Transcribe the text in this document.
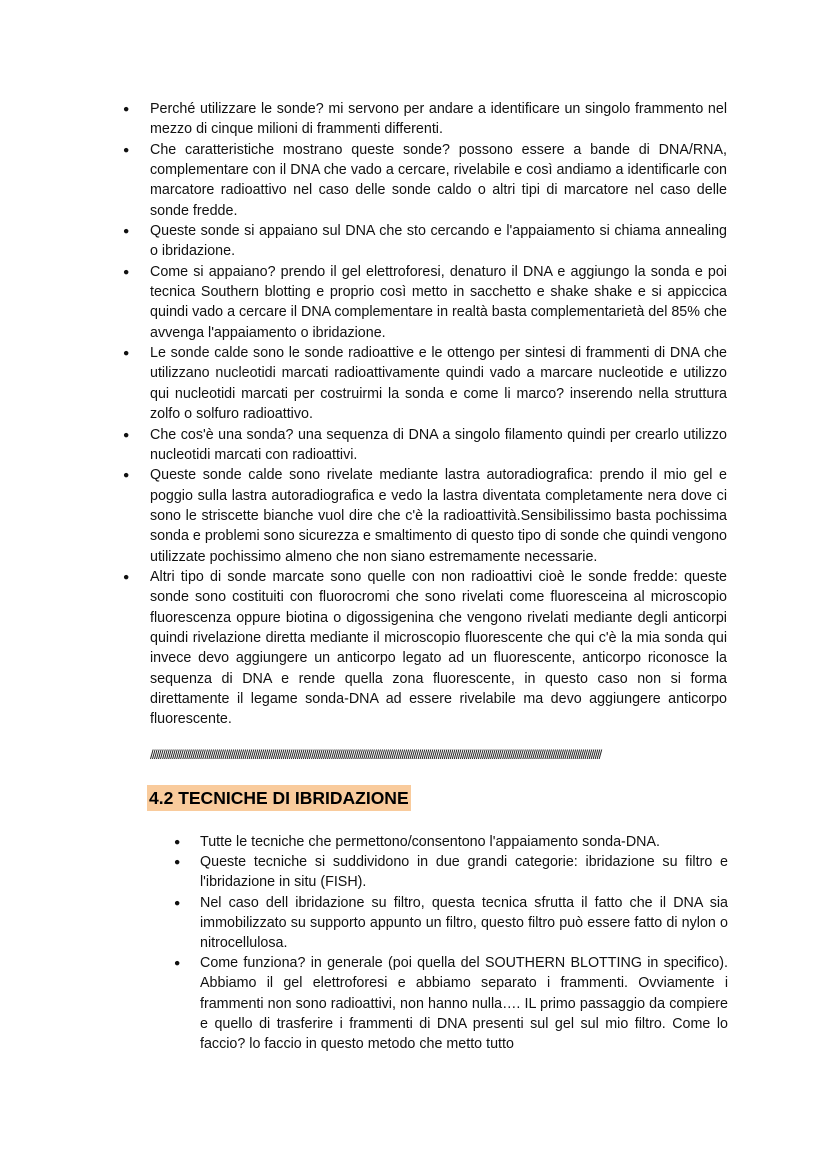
● Perché utilizzare le sonde? mi servono per andare a identificare un singolo frammento nel mezzo di cinque milioni di frammenti differenti.
● Che caratteristiche mostrano queste sonde? possono essere a bande di DNA/RNA, complementare con il DNA che vado a cercare, rivelabile e così andiamo a identificarle con marcatore radioattivo nel caso delle sonde caldo o altri tipi di marcatore nel caso delle sonde fredde.
● Queste sonde si appaiano sul DNA che sto cercando e l'appaiamento si chiama annealing o ibridazione.
● Come si appaiano? prendo il gel elettroforesi, denaturo il DNA e aggiungo la sonda e poi tecnica Southern blotting e proprio così metto in sacchetto e shake shake e si appiccica quindi vado a cercare il DNA complementare in realtà basta complementarietà del 85% che avvenga l'appaiamento o ibridazione.
● Le sonde calde sono le sonde radioattive e le ottengo per sintesi di frammenti di DNA che utilizzano nucleotidi marcati radioattivamente quindi vado a marcare nucleotide e utilizzo qui nucleotidi marcati per costruirmi la sonda e come li marco? inserendo nella struttura zolfo o solfuro radioattivo.
● Che cos'è una sonda? una sequenza di DNA a singolo filamento quindi per crearlo utilizzo nucleotidi marcati con radioattivi.
● Queste sonde calde sono rivelate mediante lastra autoradiografica: prendo il mio gel e poggio sulla lastra autoradiografica e vedo la lastra diventata completamente nera dove ci sono le striscette bianche vuol dire che c'è la radioattività.Sensibilissimo basta pochissima sonda e problemi sono sicurezza e smaltimento di questo tipo di sonde che quindi vengono utilizzate pochissimo almeno che non siano estremamente necessarie.
● Altri tipo di sonde marcate sono quelle con non radioattivi cioè le sonde fredde: queste sonde sono costituiti con fluorocromi che sono rivelati come fluoresceina al microscopio fluorescenza oppure biotina o digossigenina che vengono rivelati mediante degli anticorpi quindi rivelazione diretta mediante il microscopio fluorescente che qui c'è la mia sonda qui invece devo aggiungere un anticorpo legato ad un fluorescente, anticorpo riconosce la sequenza di DNA e rende quella zona fluorescente, in questo caso non si forma direttamente il legame sonda-DNA ad essere rivelabile ma devo aggiungere anticorpo fluorescente.
////////////////////////////////////////////////////////////////////////////////////////////////////////////////////////////////////////////////////////////////////////////////////////////////////////////////////////////////
4.2 TECNICHE DI IBRIDAZIONE
● Tutte le tecniche che permettono/consentono l'appaiamento sonda-DNA.
● Queste tecniche si suddividono in due grandi categorie: ibridazione su filtro e l'ibridazione in situ (FISH).
● Nel caso dell ibridazione su filtro, questa tecnica sfrutta il fatto che il DNA sia immobilizzato su supporto appunto un filtro, questo filtro può essere fatto di nylon o nitrocellulosa.
● Come funziona? in generale (poi quella del SOUTHERN BLOTTING in specifico). Abbiamo il gel elettroforesi e abbiamo separato i frammenti. Ovviamente i frammenti non sono radioattivi, non hanno nulla…. IL primo passaggio da compiere e quello di trasferire i frammenti di DNA presenti sul gel sul mio filtro. Come lo faccio? lo faccio in questo metodo che metto tutto
